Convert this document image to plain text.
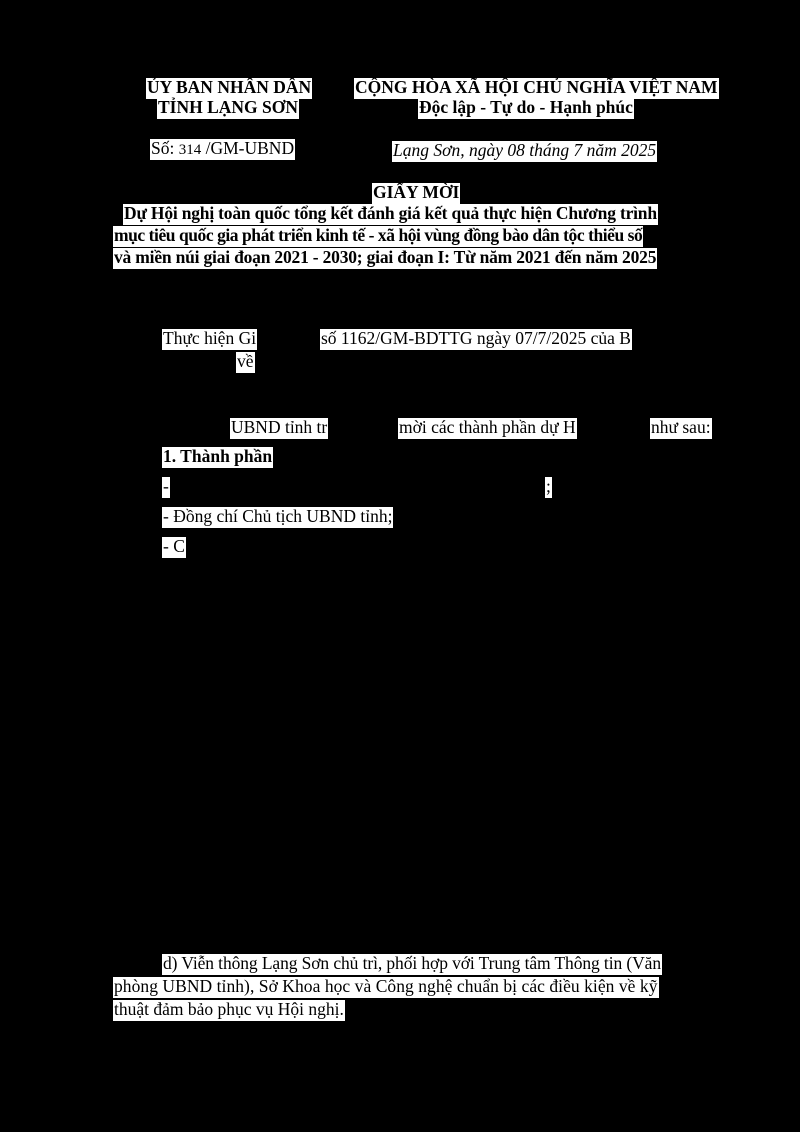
ỦY BAN NHÂN DÂN
TỈNH LẠNG SƠN
CỘNG HÒA XÃ HỘI CHỦ NGHĨA VIỆT NAM
Độc lập - Tự do - Hạnh phúc
Số: 314 /GM-UBND	Lạng Sơn, ngày 08 tháng 7 năm 2025
GIẤY MỜI
Dự Hội nghị toàn quốc tổng kết đánh giá kết quả thực hiện Chương trình
mục tiêu quốc gia phát triển kinh tế - xã hội vùng đồng bào dân tộc thiểu số
và miền núi giai đoạn 2021 - 2030; giai đoạn I: Từ năm 2021 đến năm 2025
Thực hiện Gi	số 1162/GM-BDTTG ngày 07/7/2025 của B
về
UBND tỉnh tr	mời các thành phần dự H	như sau:
1. Thành phần
-	;
- Đồng chí Chủ tịch UBND tỉnh;
- C
d) Viễn thông Lạng Sơn chủ trì, phối hợp với Trung tâm Thông tin (Văn
phòng UBND tỉnh), Sở Khoa học và Công nghệ chuẩn bị các điều kiện về kỹ
thuật đảm bảo phục vụ Hội nghị.
